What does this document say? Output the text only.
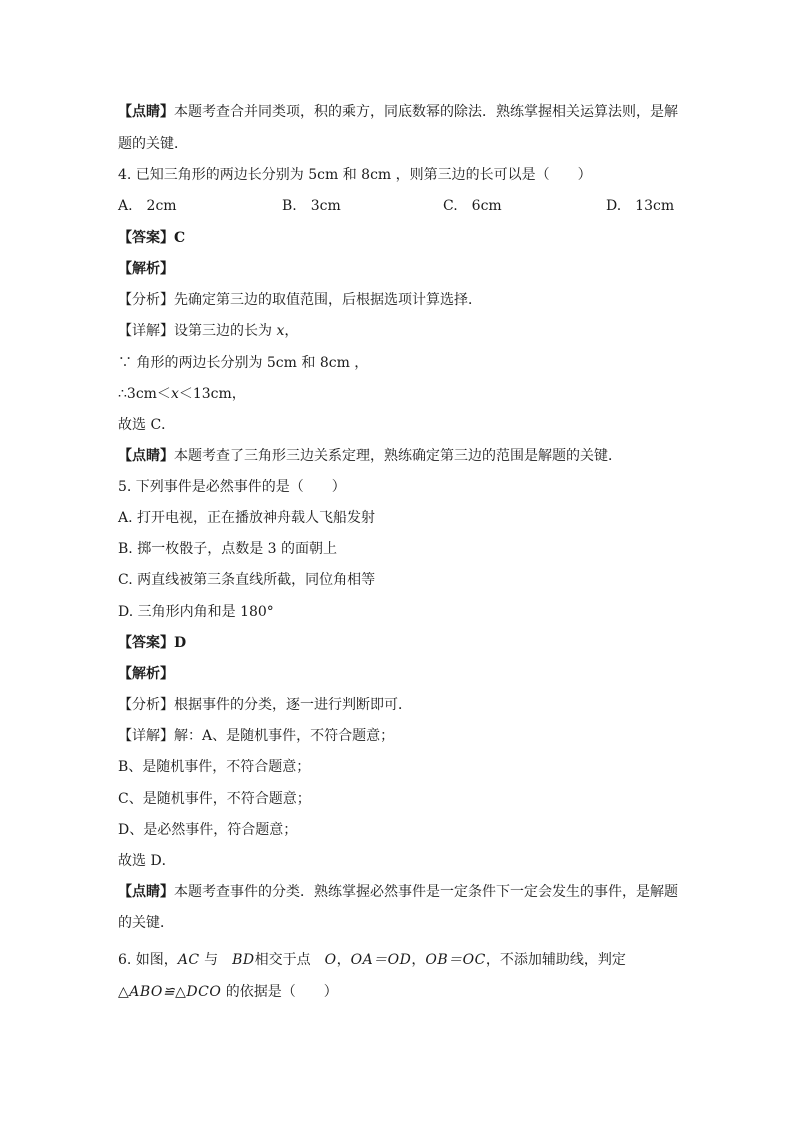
【点睛】本题考查合并同类项，积的乘方，同底数幂的除法．熟练掌握相关运算法则，是解
题的关键．
4. 已知三角形的两边长分别为 5cm 和 8cm ，则第三边的长可以是（　　）
A.　2cm	B.　3cm	C.　6cm	D.　13cm
【答案】C
【解析】
【分析】先确定第三边的取值范围，后根据选项计算选择．
【详解】设第三边的长为 x，
∵ 角形的两边长分别为 5cm 和 8cm ，
∴3cm＜x＜13cm，
故选 C．
【点睛】本题考查了三角形三边关系定理，熟练确定第三边的范围是解题的关键．
5. 下列事件是必然事件的是（　　）
A. 打开电视，正在播放神舟载人飞船发射
B. 掷一枚骰子，点数是 3 的面朝上
C. 两直线被第三条直线所截，同位角相等
D. 三角形内角和是 180°
【答案】D
【解析】
【分析】根据事件的分类，逐一进行判断即可．
【详解】解：A、是随机事件，不符合题意；
B、是随机事件，不符合题意；
C、是随机事件，不符合题意；
D、是必然事件，符合题意；
故选 D．
【点睛】本题考查事件的分类．熟练掌握必然事件是一定条件下一定会发生的事件，是解题
的关键．
6. 如图，AC 与　BD相交于点　O，OA＝OD，OB＝OC，不添加辅助线，判定
△ABO≌△DCO 的依据是（　　）
